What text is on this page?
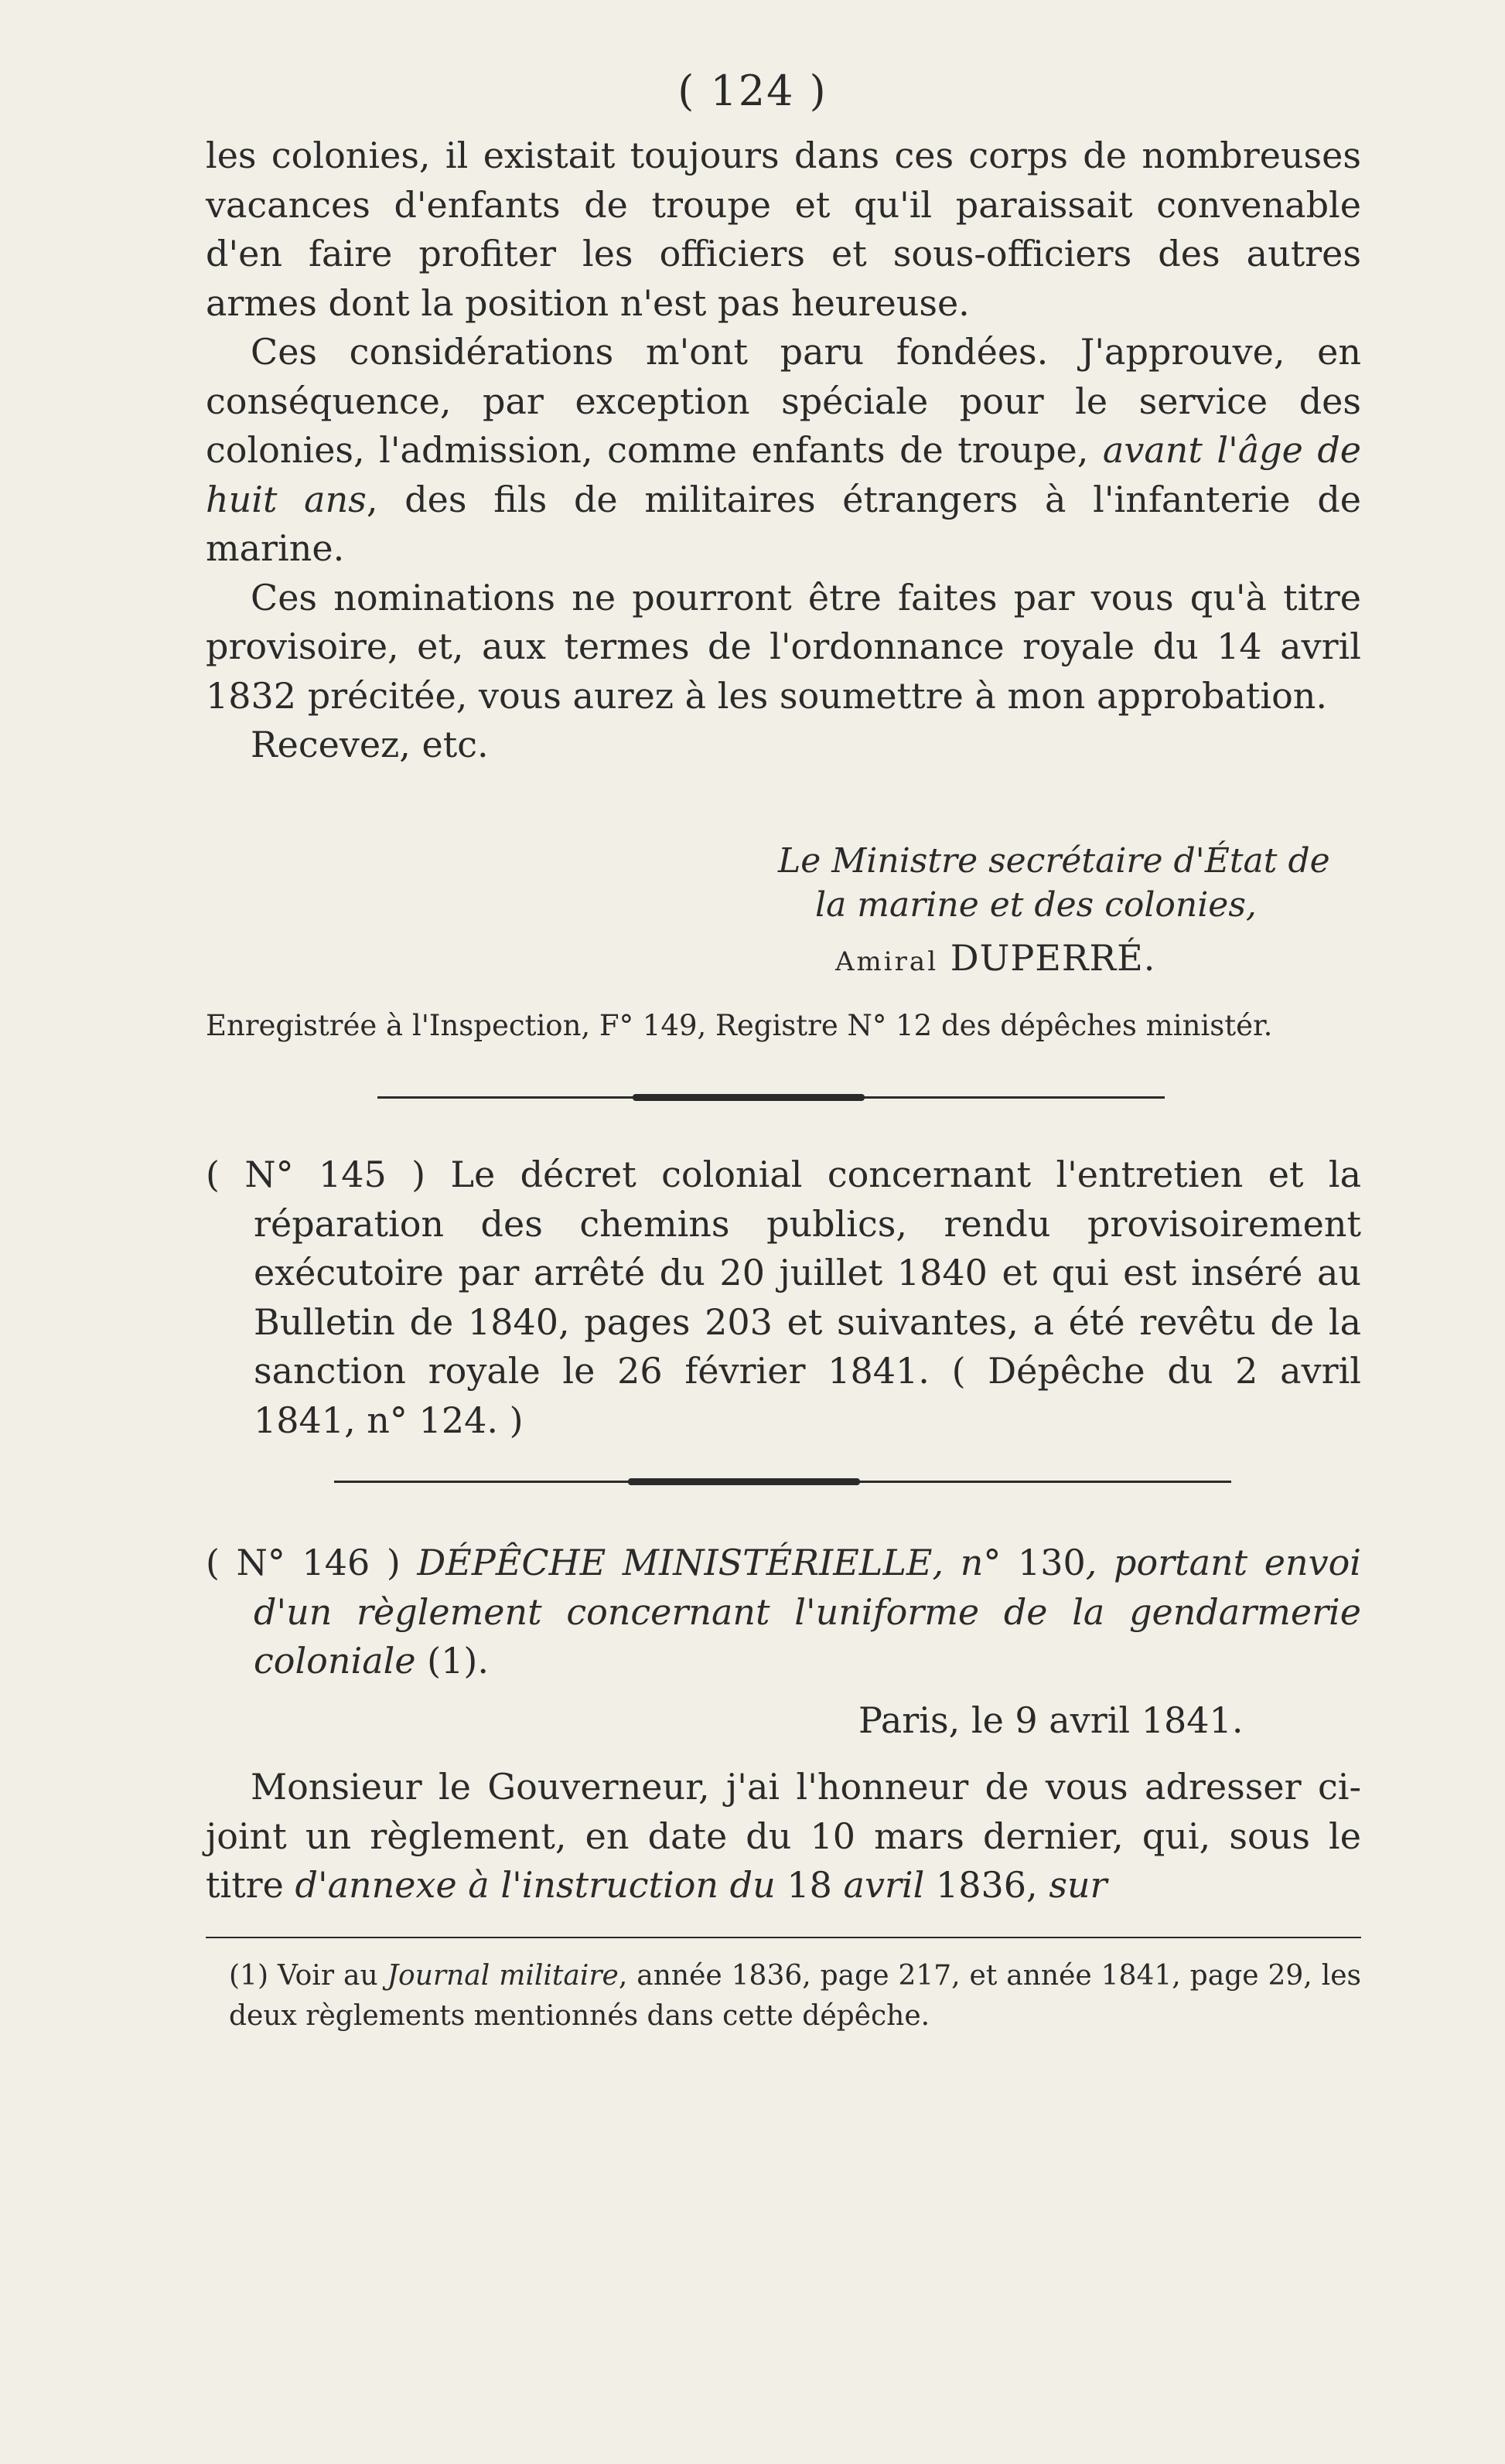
( 124 )

les colonies, il existait toujours dans ces corps de nombreuses vacances d'enfants de troupe et qu'il paraissait convenable d'en faire profiter les officiers et sous-officiers des autres armes dont la position n'est pas heureuse.

Ces considérations m'ont paru fondées. J'approuve, en conséquence, par exception spéciale pour le service des colonies, l'admission, comme enfants de troupe, avant l'âge de huit ans, des fils de militaires étrangers à l'infanterie de marine.

Ces nominations ne pourront être faites par vous qu'à titre provisoire, et, aux termes de l'ordonnance royale du 14 avril 1832 précitée, vous aurez à les soumettre à mon approbation.

Recevez, etc.

Le Ministre secrétaire d'État de
la marine et des colonies,
Amiral DUPERRÉ.
Enregistrée à l'Inspection, F° 149, Registre N° 12 des dépêches ministér.
( N° 145 ) Le décret colonial concernant l'entretien et la réparation des chemins publics, rendu provisoirement exécutoire par arrêté du 20 juillet 1840 et qui est inséré au Bulletin de 1840, pages 203 et suivantes, a été revêtu de la sanction royale le 26 février 1841. ( Dépêche du 2 avril 1841, n° 124. )
( N° 146 ) DÉPÊCHE MINISTÉRIELLE, n° 130, portant envoi d'un règlement concernant l'uniforme de la gendarmerie coloniale (1).
Paris, le 9 avril 1841.

Monsieur le Gouverneur, j'ai l'honneur de vous adresser ci-joint un règlement, en date du 10 mars dernier, qui, sous le titre d'annexe à l'instruction du 18 avril 1836, sur

(1) Voir au Journal militaire, année 1836, page 217, et année 1841, page 29, les deux règlements mentionnés dans cette dépêche.
